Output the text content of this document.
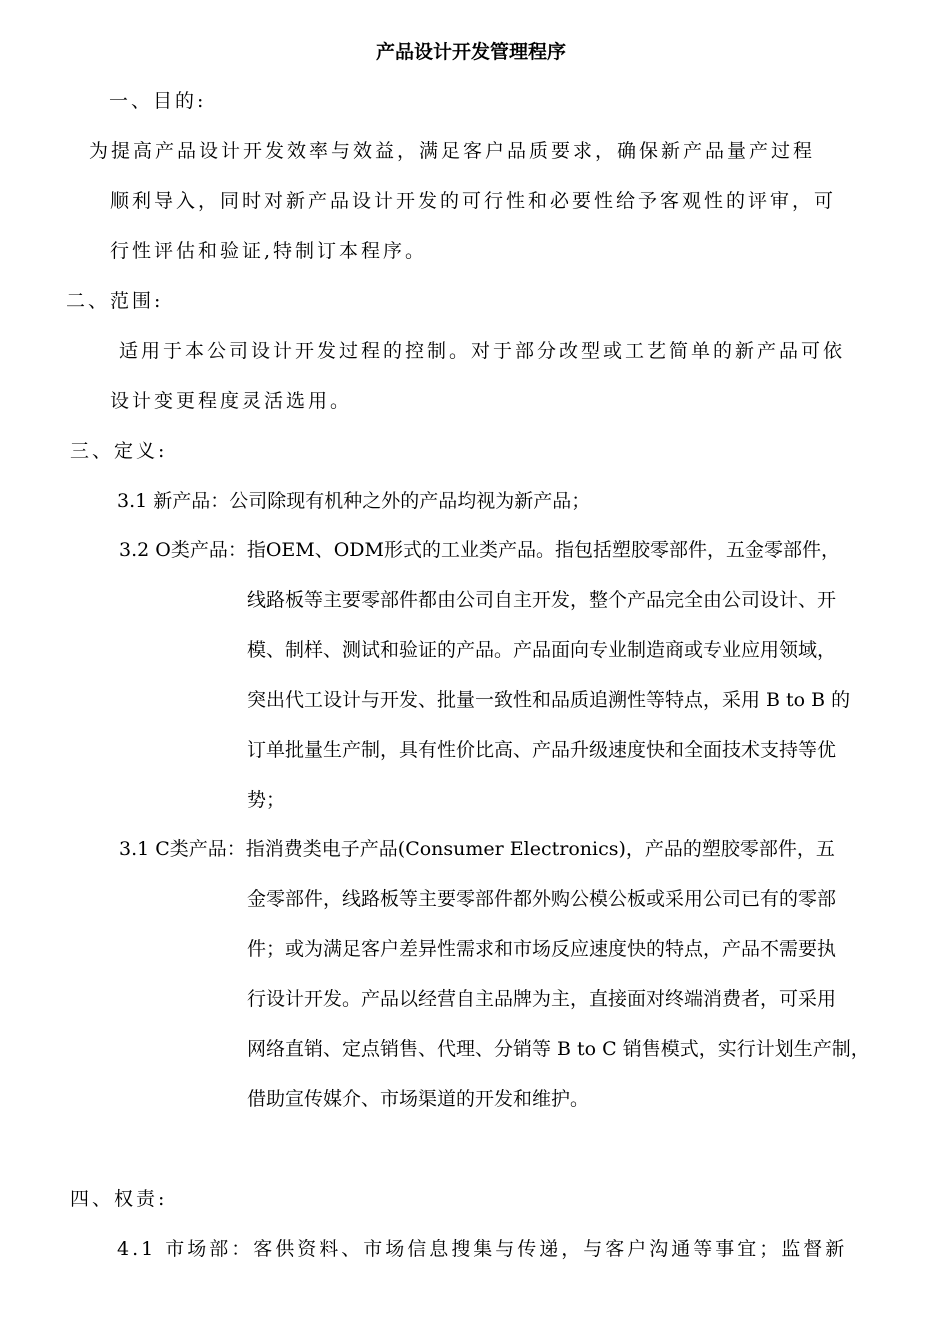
产品设计开发管理程序
一、目的:
为提高产品设计开发效率与效益，满足客户品质要求，确保新产品量产过程
顺利导入，同时对新产品设计开发的可行性和必要性给予客观性的评审，可
行性评估和验证,特制订本程序。
二、范围:
适用于本公司设计开发过程的控制。对于部分改型或工艺简单的新产品可依
设计变更程度灵活选用。
三、定义:
3.1 新产品：公司除现有机种之外的产品均视为新产品；
3.2 O类产品：指OEM、ODM形式的工业类产品。指包括塑胶零部件，五金零部件，
线路板等主要零部件都由公司自主开发，整个产品完全由公司设计、开
模、制样、测试和验证的产品。产品面向专业制造商或专业应用领域，
突出代工设计与开发、批量一致性和品质追溯性等特点，采用 B to B 的
订单批量生产制，具有性价比高、产品升级速度快和全面技术支持等优
势；
3.1 C类产品：指消费类电子产品(Consumer Electronics)，产品的塑胶零部件，五
金零部件，线路板等主要零部件都外购公模公板或采用公司已有的零部
件；或为满足客户差异性需求和市场反应速度快的特点，产品不需要执
行设计开发。产品以经营自主品牌为主，直接面对终端消费者，可采用
网络直销、定点销售、代理、分销等 B to C 销售模式，实行计划生产制，
借助宣传媒介、市场渠道的开发和维护。
四、权责:
4.1 市场部：客供资料、市场信息搜集与传递，与客户沟通等事宜；监督新
